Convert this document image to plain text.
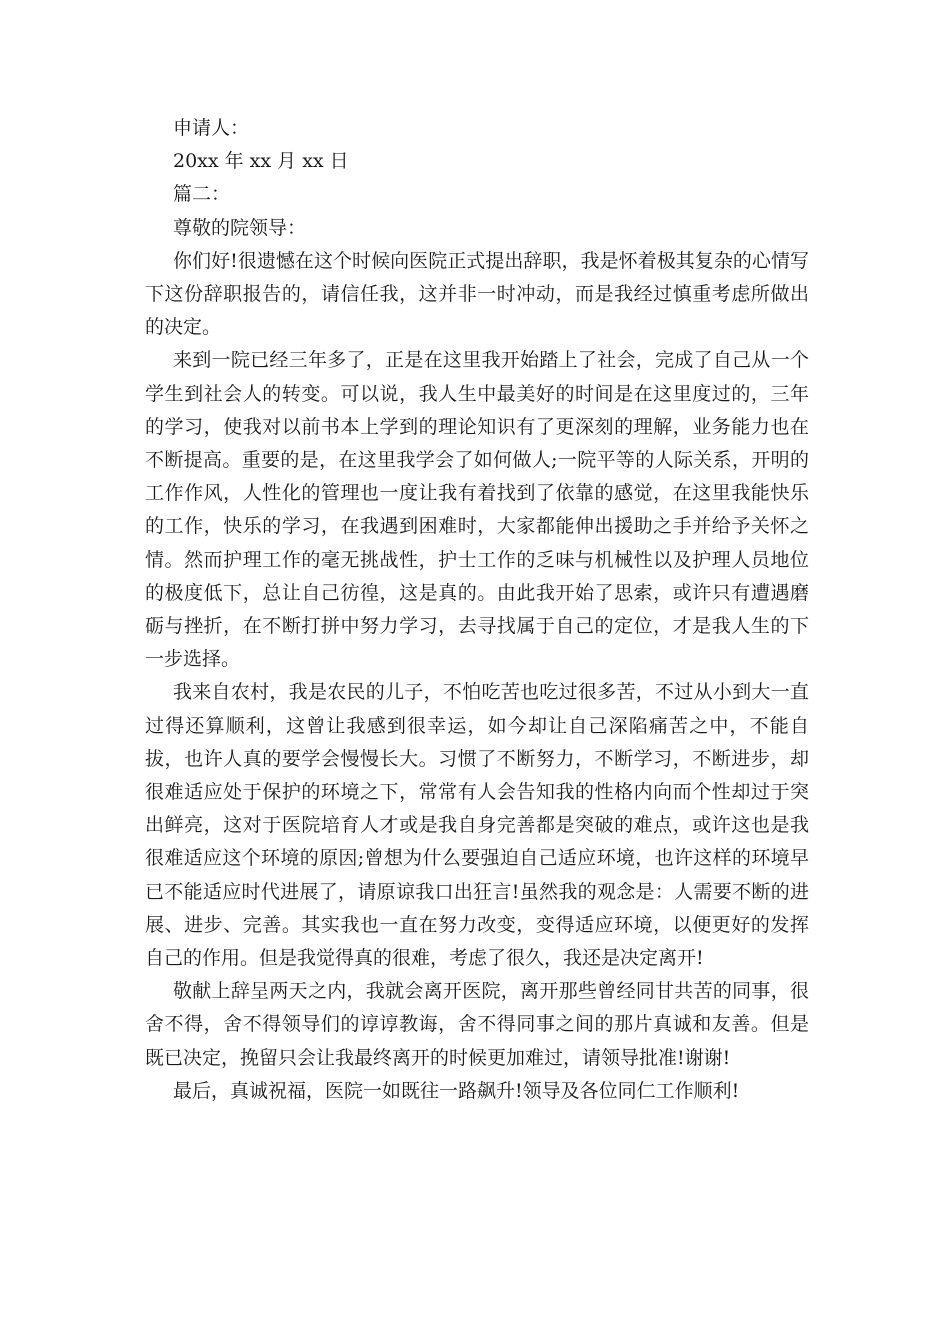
申请人：

20xx 年 xx 月 xx 日

篇二：

尊敬的院领导：

你们好!很遗憾在这个时候向医院正式提出辞职，我是怀着极其复杂的心情写下这份辞职报告的，请信任我，这并非一时冲动，而是我经过慎重考虑所做出的决定。

来到一院已经三年多了，正是在这里我开始踏上了社会，完成了自己从一个学生到社会人的转变。可以说，我人生中最美好的时间是在这里度过的，三年的学习，使我对以前书本上学到的理论知识有了更深刻的理解，业务能力也在不断提高。重要的是，在这里我学会了如何做人;一院平等的人际关系，开明的工作作风，人性化的管理也一度让我有着找到了依靠的感觉，在这里我能快乐的工作，快乐的学习，在我遇到困难时，大家都能伸出援助之手并给予关怀之情。然而护理工作的毫无挑战性，护士工作的乏味与机械性以及护理人员地位的极度低下，总让自己彷徨，这是真的。由此我开始了思索，或许只有遭遇磨砺与挫折，在不断打拼中努力学习，去寻找属于自己的定位，才是我人生的下一步选择。

我来自农村，我是农民的儿子，不怕吃苦也吃过很多苦，不过从小到大一直过得还算顺利，这曾让我感到很幸运，如今却让自己深陷痛苦之中，不能自拔，也许人真的要学会慢慢长大。习惯了不断努力，不断学习，不断进步，却很难适应处于保护的环境之下，常常有人会告知我的性格内向而个性却过于突出鲜亮，这对于医院培育人才或是我自身完善都是突破的难点，或许这也是我很难适应这个环境的原因;曾想为什么要强迫自己适应环境，也许这样的环境早已不能适应时代进展了，请原谅我口出狂言!虽然我的观念是：人需要不断的进展、进步、完善。其实我也一直在努力改变，变得适应环境，以便更好的发挥自己的作用。但是我觉得真的很难，考虑了很久，我还是决定离开!

敬献上辞呈两天之内，我就会离开医院，离开那些曾经同甘共苦的同事，很舍不得，舍不得领导们的谆谆教诲，舍不得同事之间的那片真诚和友善。但是既已决定，挽留只会让我最终离开的时候更加难过，请领导批准!谢谢!

最后，真诚祝福，医院一如既往一路飙升!领导及各位同仁工作顺利!
